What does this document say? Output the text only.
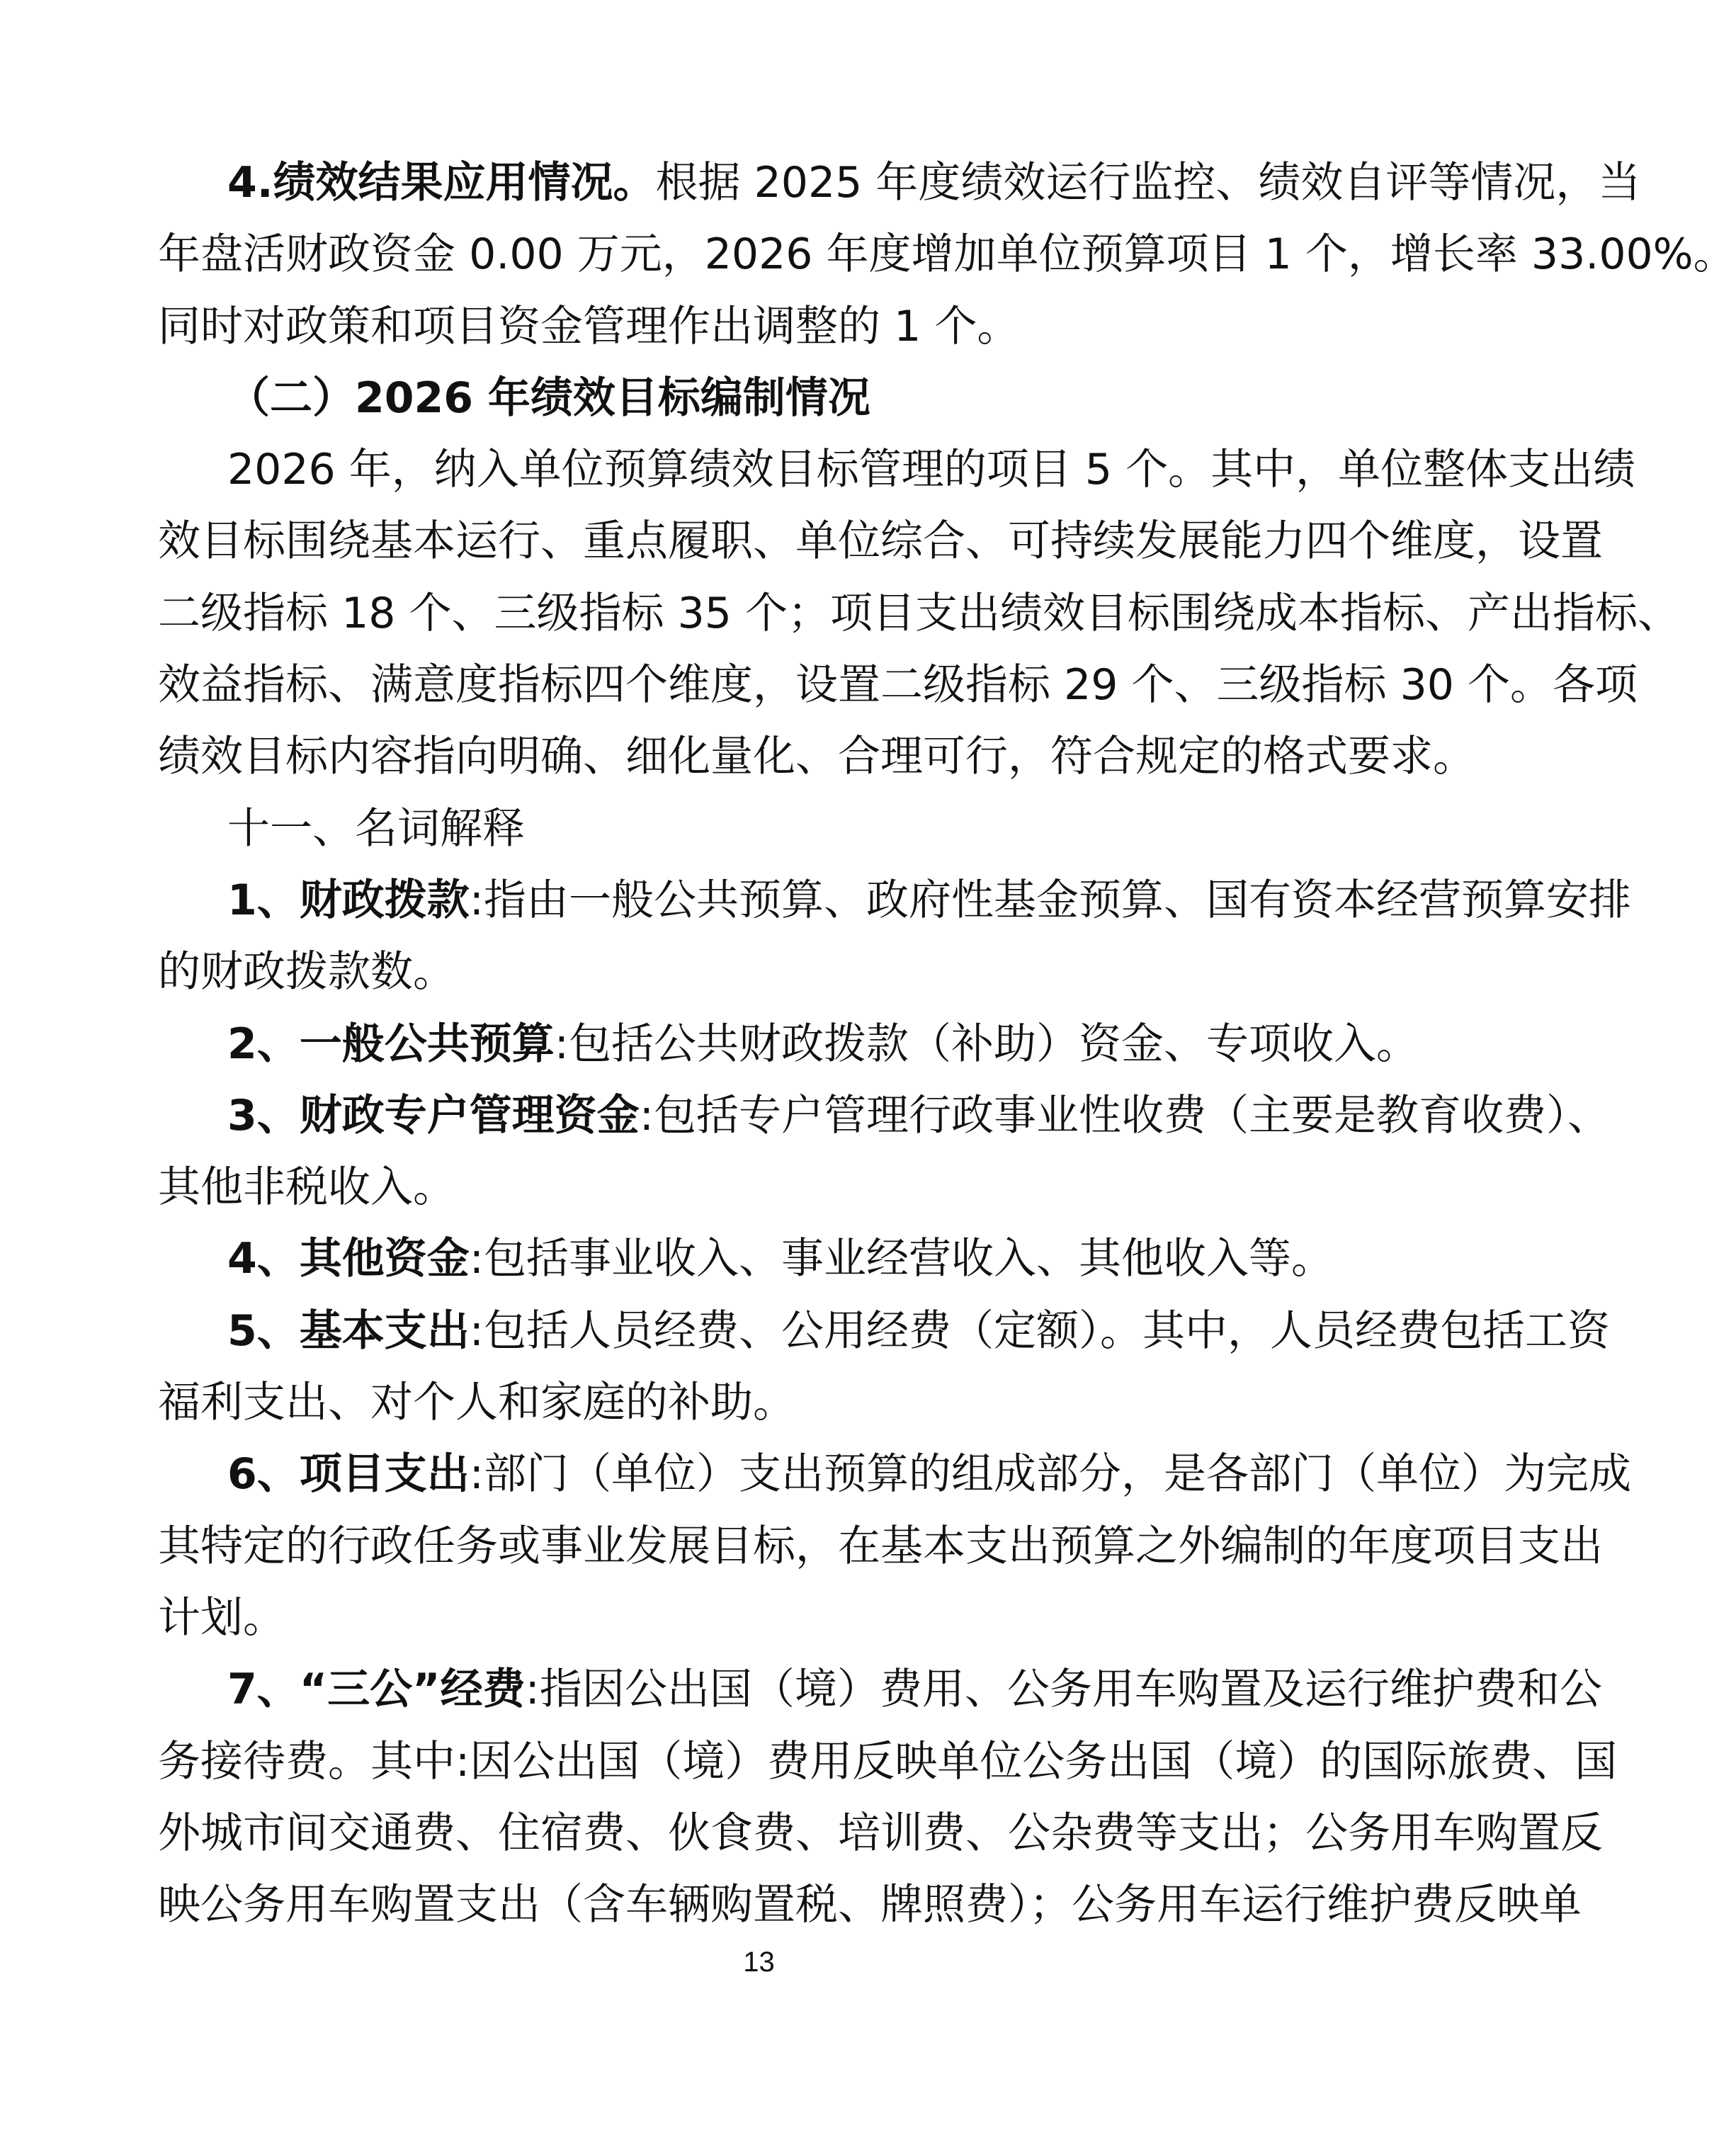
4.绩效结果应用情况。根据 2025 年度绩效运行监控、绩效自评等情况，当
年盘活财政资金 0.00 万元，2026 年度增加单位预算项目 1 个，增长率 33.00%。
同时对政策和项目资金管理作出调整的 1 个。
（二）2026 年绩效目标编制情况
2026 年，纳入单位预算绩效目标管理的项目 5 个。其中，单位整体支出绩
效目标围绕基本运行、重点履职、单位综合、可持续发展能力四个维度，设置
二级指标 18 个、三级指标 35 个；项目支出绩效目标围绕成本指标、产出指标、
效益指标、满意度指标四个维度，设置二级指标 29 个、三级指标 30 个。各项
绩效目标内容指向明确、细化量化、合理可行，符合规定的格式要求。
十一、名词解释
1、财政拨款:指由一般公共预算、政府性基金预算、国有资本经营预算安排
的财政拨款数。
2、一般公共预算:包括公共财政拨款（补助）资金、专项收入。
3、财政专户管理资金:包括专户管理行政事业性收费（主要是教育收费）、
其他非税收入。
4、其他资金:包括事业收入、事业经营收入、其他收入等。
5、基本支出:包括人员经费、公用经费（定额）。其中，人员经费包括工资
福利支出、对个人和家庭的补助。
6、项目支出:部门（单位）支出预算的组成部分，是各部门（单位）为完成
其特定的行政任务或事业发展目标，在基本支出预算之外编制的年度项目支出
计划。
7、“三公”经费:指因公出国（境）费用、公务用车购置及运行维护费和公
务接待费。其中:因公出国（境）费用反映单位公务出国（境）的国际旅费、国
外城市间交通费、住宿费、伙食费、培训费、公杂费等支出；公务用车购置反
映公务用车购置支出（含车辆购置税、牌照费）；公务用车运行维护费反映单
13
